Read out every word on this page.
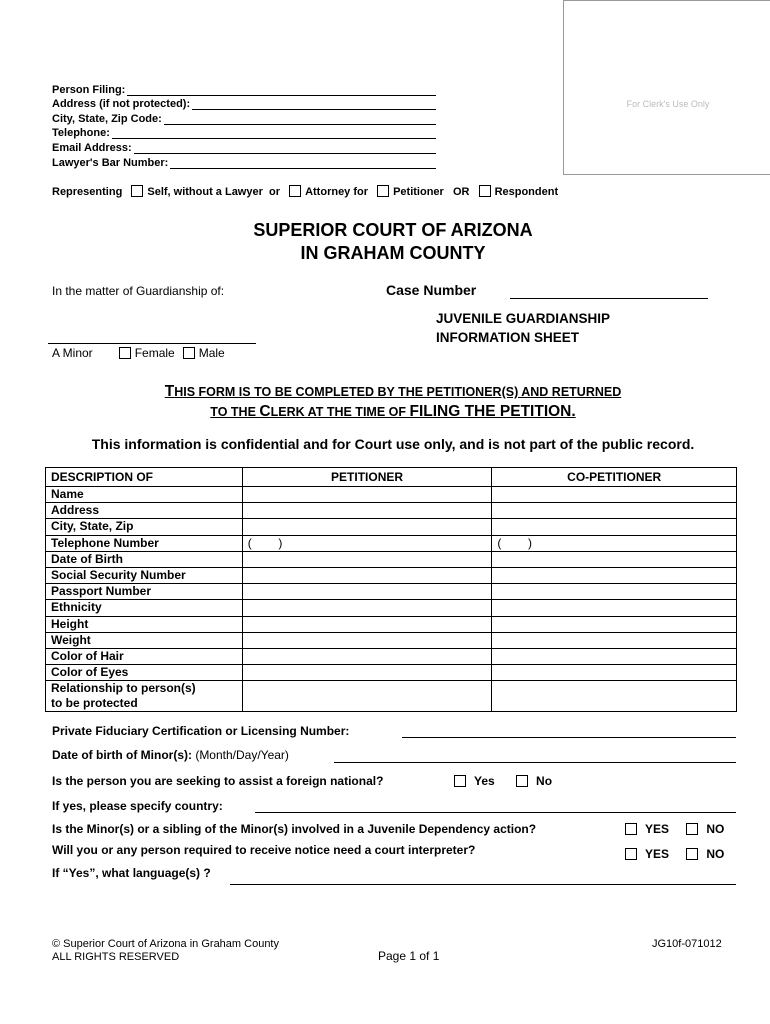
For Clerk's Use Only
Person Filing:
Address (if not protected):
City, State, Zip Code:
Telephone:
Email Address:
Lawyer's Bar Number:
Representing Self, without a Lawyer or Attorney for Petitioner OR Respondent
SUPERIOR COURT OF ARIZONA
IN GRAHAM COUNTY
In the matter of Guardianship of:	Case Number
JUVENILE GUARDIANSHIP
INFORMATION SHEET
A Minor	Female Male
THIS FORM IS TO BE COMPLETED BY THE PETITIONER(S) AND RETURNED
TO THE CLERK AT THE TIME OF FILING THE PETITION.
This information is confidential and for Court use only, and is not part of the public record.
DESCRIPTION OF	PETITIONER	CO-PETITIONER
Name		
Address		
City, State, Zip		
Telephone Number	(        )	(        )
Date of Birth		
Social Security Number		
Passport Number		
Ethnicity		
Height		
Weight		
Color of Hair		
Color of Eyes		

Relationship to person(s)
to be protected		

Private Fiduciary Certification or Licensing Number:
Date of birth of Minor(s): (Month/Day/Year)
Is the person you are seeking to assist a foreign national?	Yes	No
If yes, please specify country:
Is the Minor(s) or a sibling of the Minor(s) involved in a Juvenile Dependency action?	YES	NO
Will you or any person required to receive notice need a court interpreter?	YES	NO
If “Yes”, what language(s) ?
© Superior Court of Arizona in Graham County
ALL RIGHTS RESERVED	Page 1 of 1
JG10f-071012
